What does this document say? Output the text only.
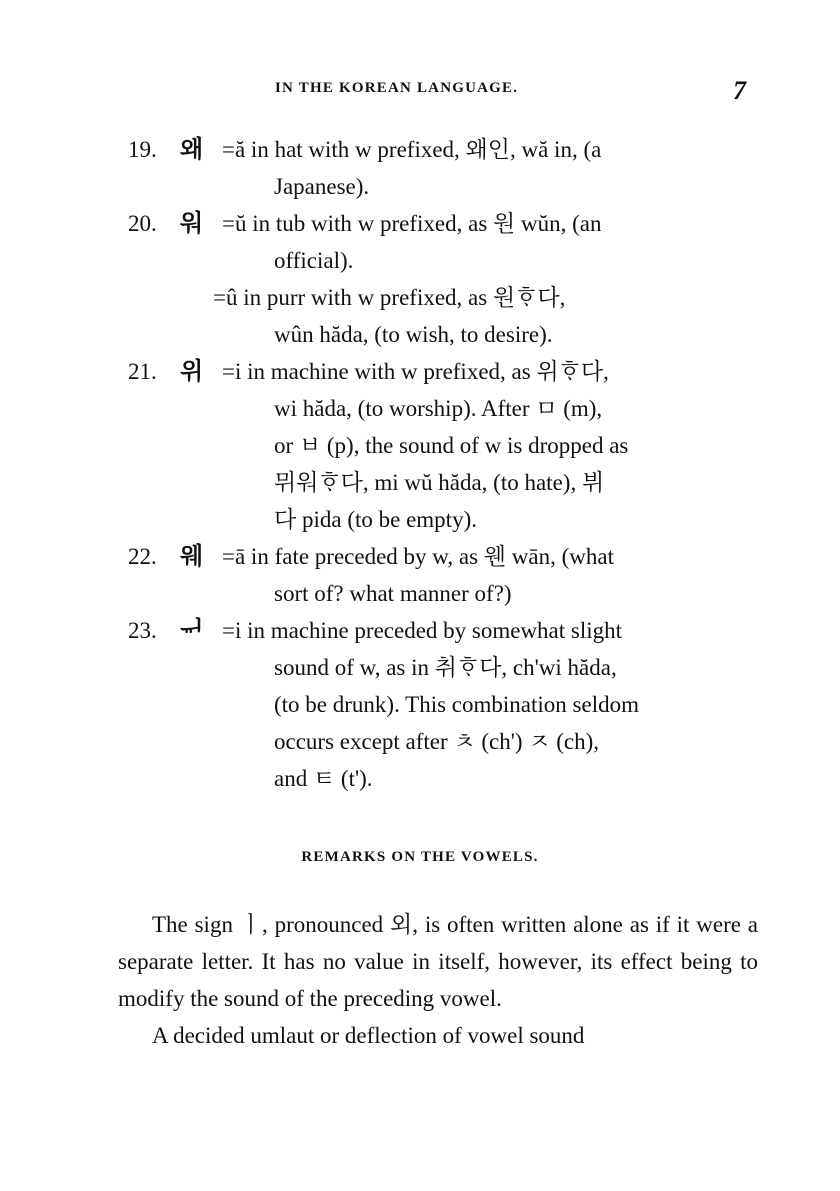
IN THE KOREAN LANGUAGE.	7
19. 왜 =ă in hat with w prefixed, 왜인, wă in, (a
Japanese).
20. 워 =ŭ in tub with w prefixed, as 원 wŭn, (an
official).
=û in purr with w prefixed, as 원ᄒᆞ다,
wûn hăda, (to wish, to desire).
21. 위 =i in machine with w prefixed, as 위ᄒᆞ다,
wi hăda, (to worship). After ㅁ (m),
or ㅂ (p), the sound of w is dropped as
뮈워ᄒᆞ다, mi wŭ hăda, (to hate), 뷔
다 pida (to be empty).
22. 웨 =ā in fate preceded by w, as 웬 wān, (what
sort of? what manner of?)
23. ᆔ =i in machine preceded by somewhat slight
sound of w, as in 취ᄒᆞ다, ch'wi hăda,
(to be drunk). This combination seldom
occurs except after ㅊ (ch') ㅈ (ch),
and ㅌ (t').
REMARKS ON THE VOWELS.

The sign ㅣ, pronounced 외, is often written alone as if it were a separate letter. It has no value in itself, however, its effect being to modify the sound of the preceding vowel.

A decided umlaut or deflection of vowel sound
